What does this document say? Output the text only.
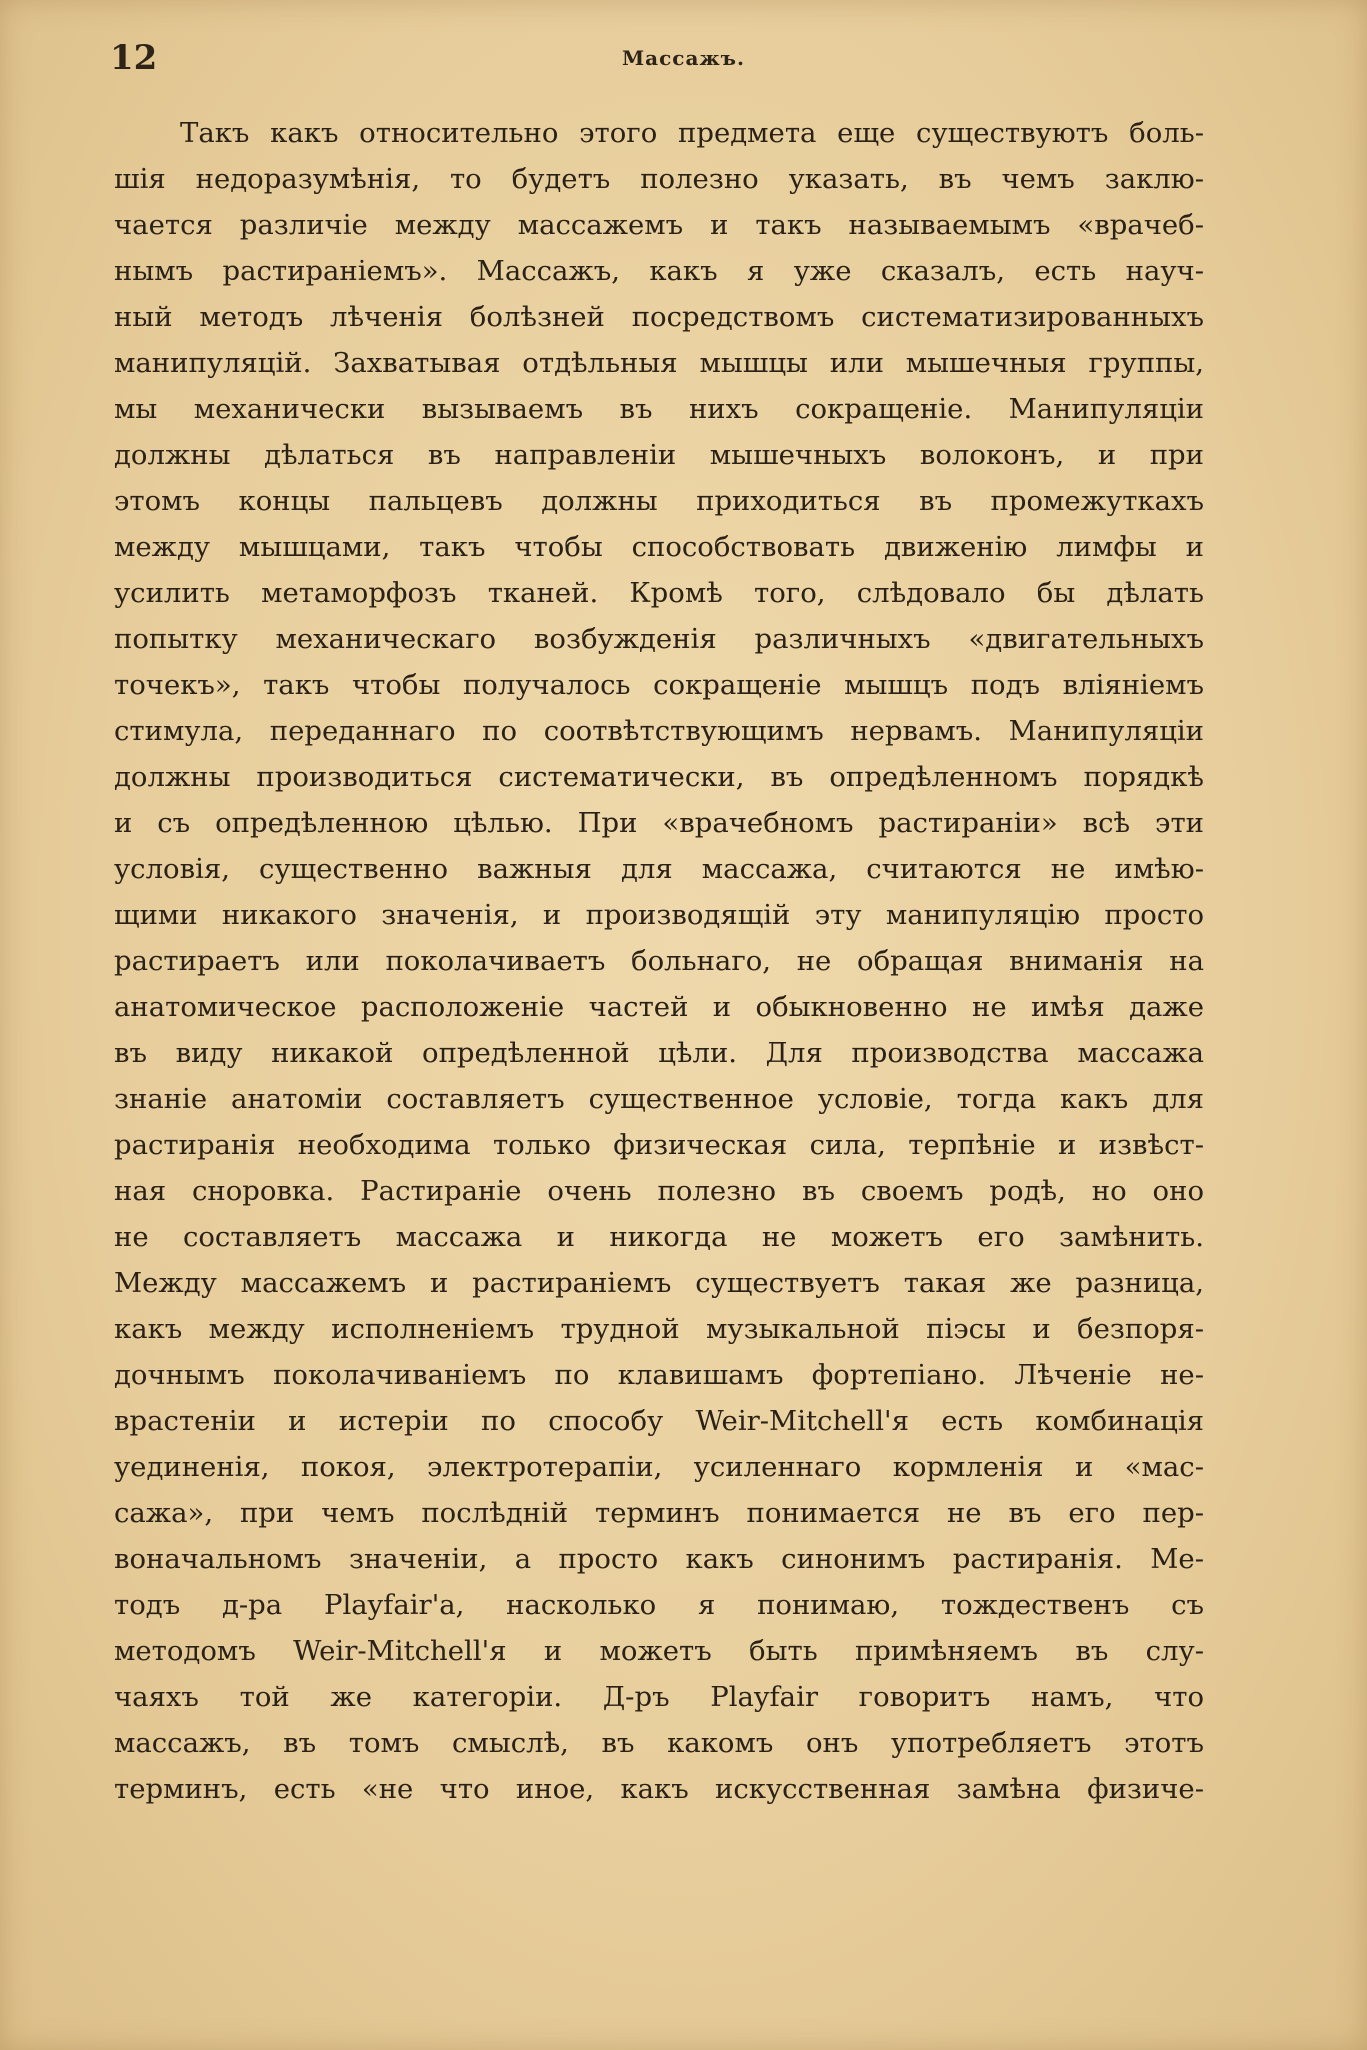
12	Массажъ.
Такъ какъ относительно этого предмета еще существуютъ боль-
шія недоразумѣнія, то будетъ полезно указать, въ чемъ заклю-
чается различіе между массажемъ и такъ называемымъ «врачеб-
нымъ растираніемъ». Массажъ, какъ я уже сказалъ, есть науч-
ный методъ лѣченія болѣзней посредствомъ систематизированныхъ
манипуляцій. Захватывая отдѣльныя мышцы или мышечныя группы,
мы механически вызываемъ въ нихъ сокращеніе. Манипуляціи
должны дѣлаться въ направленіи мышечныхъ волоконъ, и при
этомъ концы пальцевъ должны приходиться въ промежуткахъ
между мышцами, такъ чтобы способствовать движенію лимфы и
усилить метаморфозъ тканей. Кромѣ того, слѣдовало бы дѣлать
попытку механическаго возбужденія различныхъ «двигательныхъ
точекъ», такъ чтобы получалось сокращеніе мышцъ подъ вліяніемъ
стимула, переданнаго по соотвѣтствующимъ нервамъ. Манипуляціи
должны производиться систематически, въ опредѣленномъ порядкѣ
и съ опредѣленною цѣлью. При «врачебномъ растираніи» всѣ эти
условія, существенно важныя для массажа, считаются не имѣю-
щими никакого значенія, и производящій эту манипуляцію просто
растираетъ или поколачиваетъ больнаго, не обращая вниманія на
анатомическое расположеніе частей и обыкновенно не имѣя даже
въ виду никакой опредѣленной цѣли. Для производства массажа
знаніе анатоміи составляетъ существенное условіе, тогда какъ для
растиранія необходима только физическая сила, терпѣніе и извѣст-
ная сноровка. Растираніе очень полезно въ своемъ родѣ, но оно
не составляетъ массажа и никогда не можетъ его замѣнить.
Между массажемъ и растираніемъ существуетъ такая же разница,
какъ между исполненіемъ трудной музыкальной піэсы и безпоря-
дочнымъ поколачиваніемъ по клавишамъ фортепіано. Лѣченіе не-
врастеніи и истеріи по способу Weir-Mitchell'я есть комбинація
уединенія, покоя, электротерапіи, усиленнаго кормленія и «мас-
сажа», при чемъ послѣдній терминъ понимается не въ его пер-
воначальномъ значеніи, а просто какъ синонимъ растиранія. Ме-
тодъ д-ра Playfair'а, насколько я понимаю, тождественъ съ
методомъ Weir-Mitchell'я и можетъ быть примѣняемъ въ слу-
чаяхъ той же категоріи. Д-ръ Playfair говоритъ намъ, что
массажъ, въ томъ смыслѣ, въ какомъ онъ употребляетъ этотъ
терминъ, есть «не что иное, какъ искусственная замѣна физиче-
